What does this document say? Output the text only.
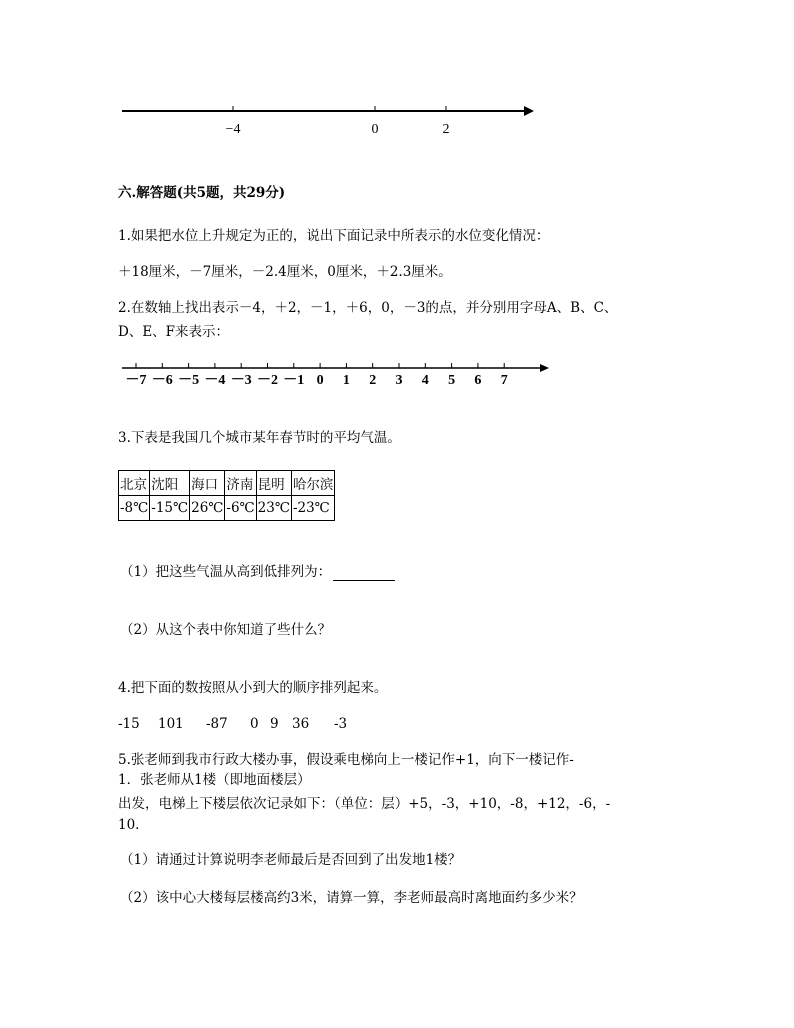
−4	0	2
六.解答题(共5题，共29分)
1.如果把水位上升规定为正的，说出下面记录中所表示的水位变化情况：
＋18厘米，－7厘米，－2.4厘米，0厘米，＋2.3厘米。
2.在数轴上找出表示－4，＋2，－1，＋6，0，－3的点，并分别用字母A、B、C、
D、E、F来表示：
－7 －6 －5 －4 －3 －2 －1 0 1 2 3 4 5 6 7
3.下表是我国几个城市某年春节时的平均气温。
北京	沈阳	海口	济南	昆明	哈尔滨
-8℃	-15℃	26℃	-6℃	23℃	-23℃
（1）把这些气温从高到低排列为：
（2）从这个表中你知道了些什么？
4.把下面的数按照从小到大的顺序排列起来。
-15 101 -87 0 9 36 -3
5.张老师到我市行政大楼办事，假设乘电梯向上一楼记作+1，向下一楼记作-
1．张老师从1楼（即地面楼层）
出发，电梯上下楼层依次记录如下：（单位：层）+5，-3，+10，-8，+12，-6，-
10.
（1）请通过计算说明李老师最后是否回到了出发地1楼？
（2）该中心大楼每层楼高约3米，请算一算，李老师最高时离地面约多少米？
